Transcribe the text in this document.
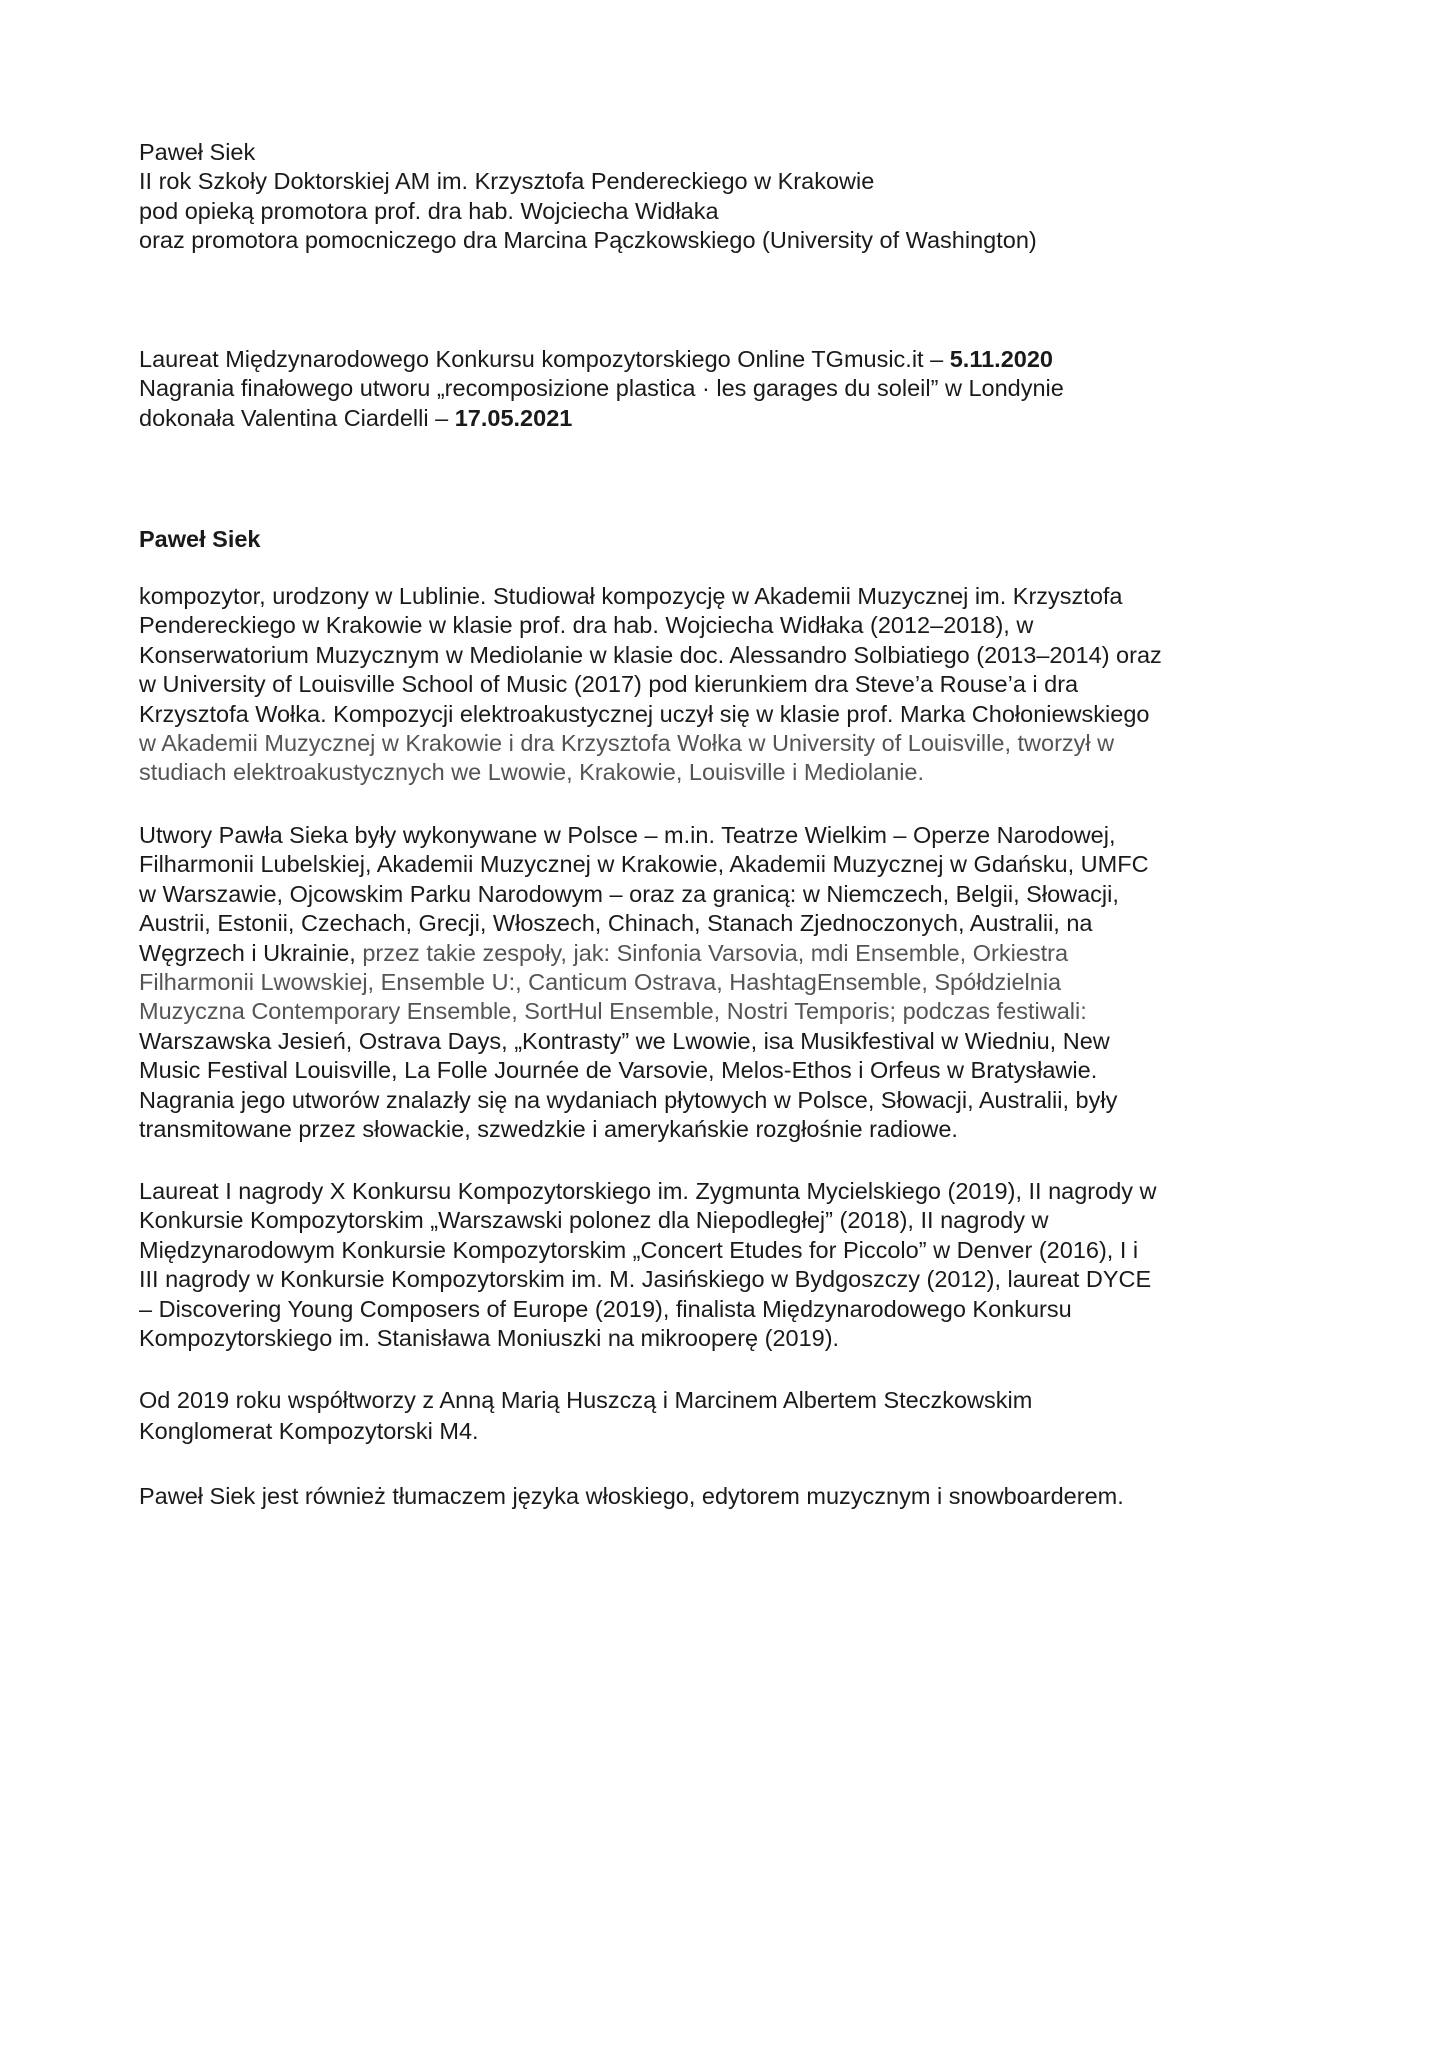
Paweł Siek
II rok Szkoły Doktorskiej AM im. Krzysztofa Pendereckiego w Krakowie
pod opieką promotora prof. dra hab. Wojciecha Widłaka
oraz promotora pomocniczego dra Marcina Pączkowskiego (University of Washington)
Laureat Międzynarodowego Konkursu kompozytorskiego Online TGmusic.it – 5.11.2020
Nagrania finałowego utworu „recomposizione plastica · les garages du soleil” w Londynie
dokonała Valentina Ciardelli – 17.05.2021
Paweł Siek
kompozytor, urodzony w Lublinie. Studiował kompozycję w Akademii Muzycznej im. Krzysztofa
Pendereckiego w Krakowie w klasie prof. dra hab. Wojciecha Widłaka (2012–2018), w
Konserwatorium Muzycznym w Mediolanie w klasie doc. Alessandro Solbiatiego (2013–2014) oraz
w University of Louisville School of Music (2017) pod kierunkiem dra Steve’a Rouse’a i dra
Krzysztofa Wołka. Kompozycji elektroakustycznej uczył się w klasie prof. Marka Chołoniewskiego
w Akademii Muzycznej w Krakowie i dra Krzysztofa Wołka w University of Louisville, tworzył w
studiach elektroakustycznych we Lwowie, Krakowie, Louisville i Mediolanie.
Utwory Pawła Sieka były wykonywane w Polsce – m.in. Teatrze Wielkim – Operze Narodowej,
Filharmonii Lubelskiej, Akademii Muzycznej w Krakowie, Akademii Muzycznej w Gdańsku, UMFC
w Warszawie, Ojcowskim Parku Narodowym – oraz za granicą: w Niemczech, Belgii, Słowacji,
Austrii, Estonii, Czechach, Grecji, Włoszech, Chinach, Stanach Zjednoczonych, Australii, na
Węgrzech i Ukrainie, przez takie zespoły, jak: Sinfonia Varsovia, mdi Ensemble, Orkiestra
Filharmonii Lwowskiej, Ensemble U:, Canticum Ostrava, HashtagEnsemble, Spółdzielnia
Muzyczna Contemporary Ensemble, SortHul Ensemble, Nostri Temporis; podczas festiwali:
Warszawska Jesień, Ostrava Days, „Kontrasty” we Lwowie, isa Musikfestival w Wiedniu, New
Music Festival Louisville, La Folle Journée de Varsovie, Melos-Ethos i Orfeus w Bratysławie.
Nagrania jego utworów znalazły się na wydaniach płytowych w Polsce, Słowacji, Australii, były
transmitowane przez słowackie, szwedzkie i amerykańskie rozgłośnie radiowe.
Laureat I nagrody X Konkursu Kompozytorskiego im. Zygmunta Mycielskiego (2019), II nagrody w
Konkursie Kompozytorskim „Warszawski polonez dla Niepodległej” (2018), II nagrody w
Międzynarodowym Konkursie Kompozytorskim „Concert Etudes for Piccolo” w Denver (2016), I i
III nagrody w Konkursie Kompozytorskim im. M. Jasińskiego w Bydgoszczy (2012), laureat DYCE
– Discovering Young Composers of Europe (2019), finalista Międzynarodowego Konkursu
Kompozytorskiego im. Stanisława Moniuszki na mikrooperę (2019).
Od 2019 roku współtworzy z Anną Marią Huszczą i Marcinem Albertem Steczkowskim
Konglomerat Kompozytorski M4.
Paweł Siek jest również tłumaczem języka włoskiego, edytorem muzycznym i snowboarderem.
